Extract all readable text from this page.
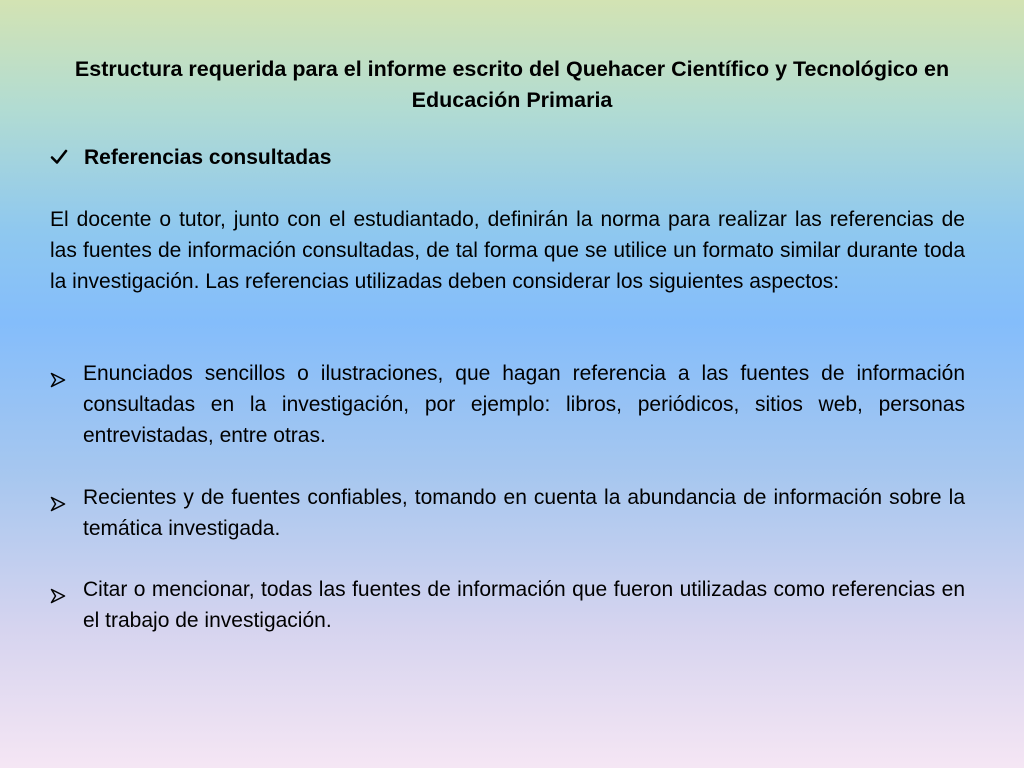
Estructura requerida para el informe escrito del Quehacer Científico y Tecnológico en Educación Primaria
Referencias consultadas
El docente o tutor, junto con el estudiantado, definirán la norma para realizar las referencias de las fuentes de información consultadas, de tal forma que se utilice un formato similar durante toda la investigación. Las referencias utilizadas deben considerar los siguientes aspectos:
Enunciados sencillos o ilustraciones, que hagan referencia a las fuentes de información consultadas en la investigación, por ejemplo: libros, periódicos, sitios web, personas entrevistadas, entre otras.
Recientes y de fuentes confiables, tomando en cuenta la abundancia de información sobre la temática investigada.
Citar o mencionar, todas las fuentes de información que fueron utilizadas como referencias en el trabajo de investigación.
